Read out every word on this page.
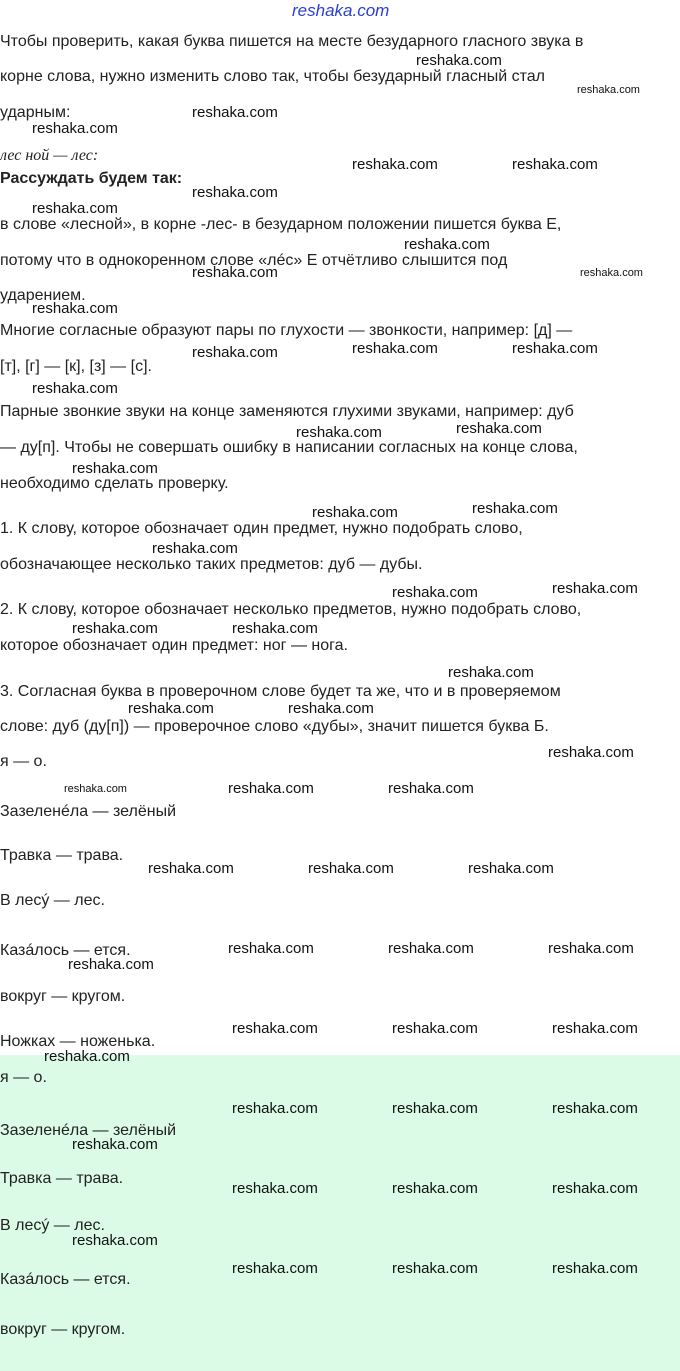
reshaka.com
Чтобы проверить, какая буква пишется на месте безударного гласного звука в
корне слова, нужно изменить слово так, чтобы безударный гласный стал
ударным:
лес ной — лес:
Рассуждать будем так:
в слове «лесной», в корне -лес- в безударном положении пишется буква Е,
потому что в однокоренном слове «лéс» Е отчётливо слышится под
ударением.
Многие согласные образуют пары по глухости — звонкости, например: [д] —
[т], [г] — [к], [з] — [с].
Парные звонкие звуки на конце заменяются глухими звуками, например: дуб
— ду[п]. Чтобы не совершать ошибку в написании согласных на конце слова,
необходимо сделать проверку.
1. К слову, которое обозначает один предмет, нужно подобрать слово,
обозначающее несколько таких предметов: дуб — дубы.
2. К слову, которое обозначает несколько предметов, нужно подобрать слово,
которое обозначает один предмет: ног — нога.
3. Согласная буква в проверочном слове будет та же, что и в проверяемом
слове: дуб (ду[п]) — проверочное слово «дубы», значит пишется буква Б.
я — о.
Зазеленéла — зелёный
Травка — трава.
В лесý — лес.
Казáлось — ется.
вокруг — кругом.
Ножках — ноженька.
я — о.
Зазеленéла — зелёный
Травка — трава.
В лесý — лес.
Казáлось — ется.
вокруг — кругом.
reshaka.com
reshaka.com
reshaka.com
reshaka.com
reshaka.com	reshaka.com
reshaka.com
reshaka.com
reshaka.com
reshaka.com	reshaka.com
reshaka.com
reshaka.com	reshaka.com	reshaka.com
reshaka.com
reshaka.com	reshaka.com
reshaka.com
reshaka.com	reshaka.com
reshaka.com
reshaka.com	reshaka.com
reshaka.com	reshaka.com
reshaka.com
reshaka.com	reshaka.com
reshaka.com
reshaka.com	reshaka.com	reshaka.com
reshaka.com	reshaka.com	reshaka.com
reshaka.com	reshaka.com	reshaka.com
reshaka.com
reshaka.com	reshaka.com	reshaka.com
reshaka.com
reshaka.com	reshaka.com	reshaka.com
reshaka.com
reshaka.com	reshaka.com	reshaka.com
reshaka.com
reshaka.com	reshaka.com	reshaka.com
